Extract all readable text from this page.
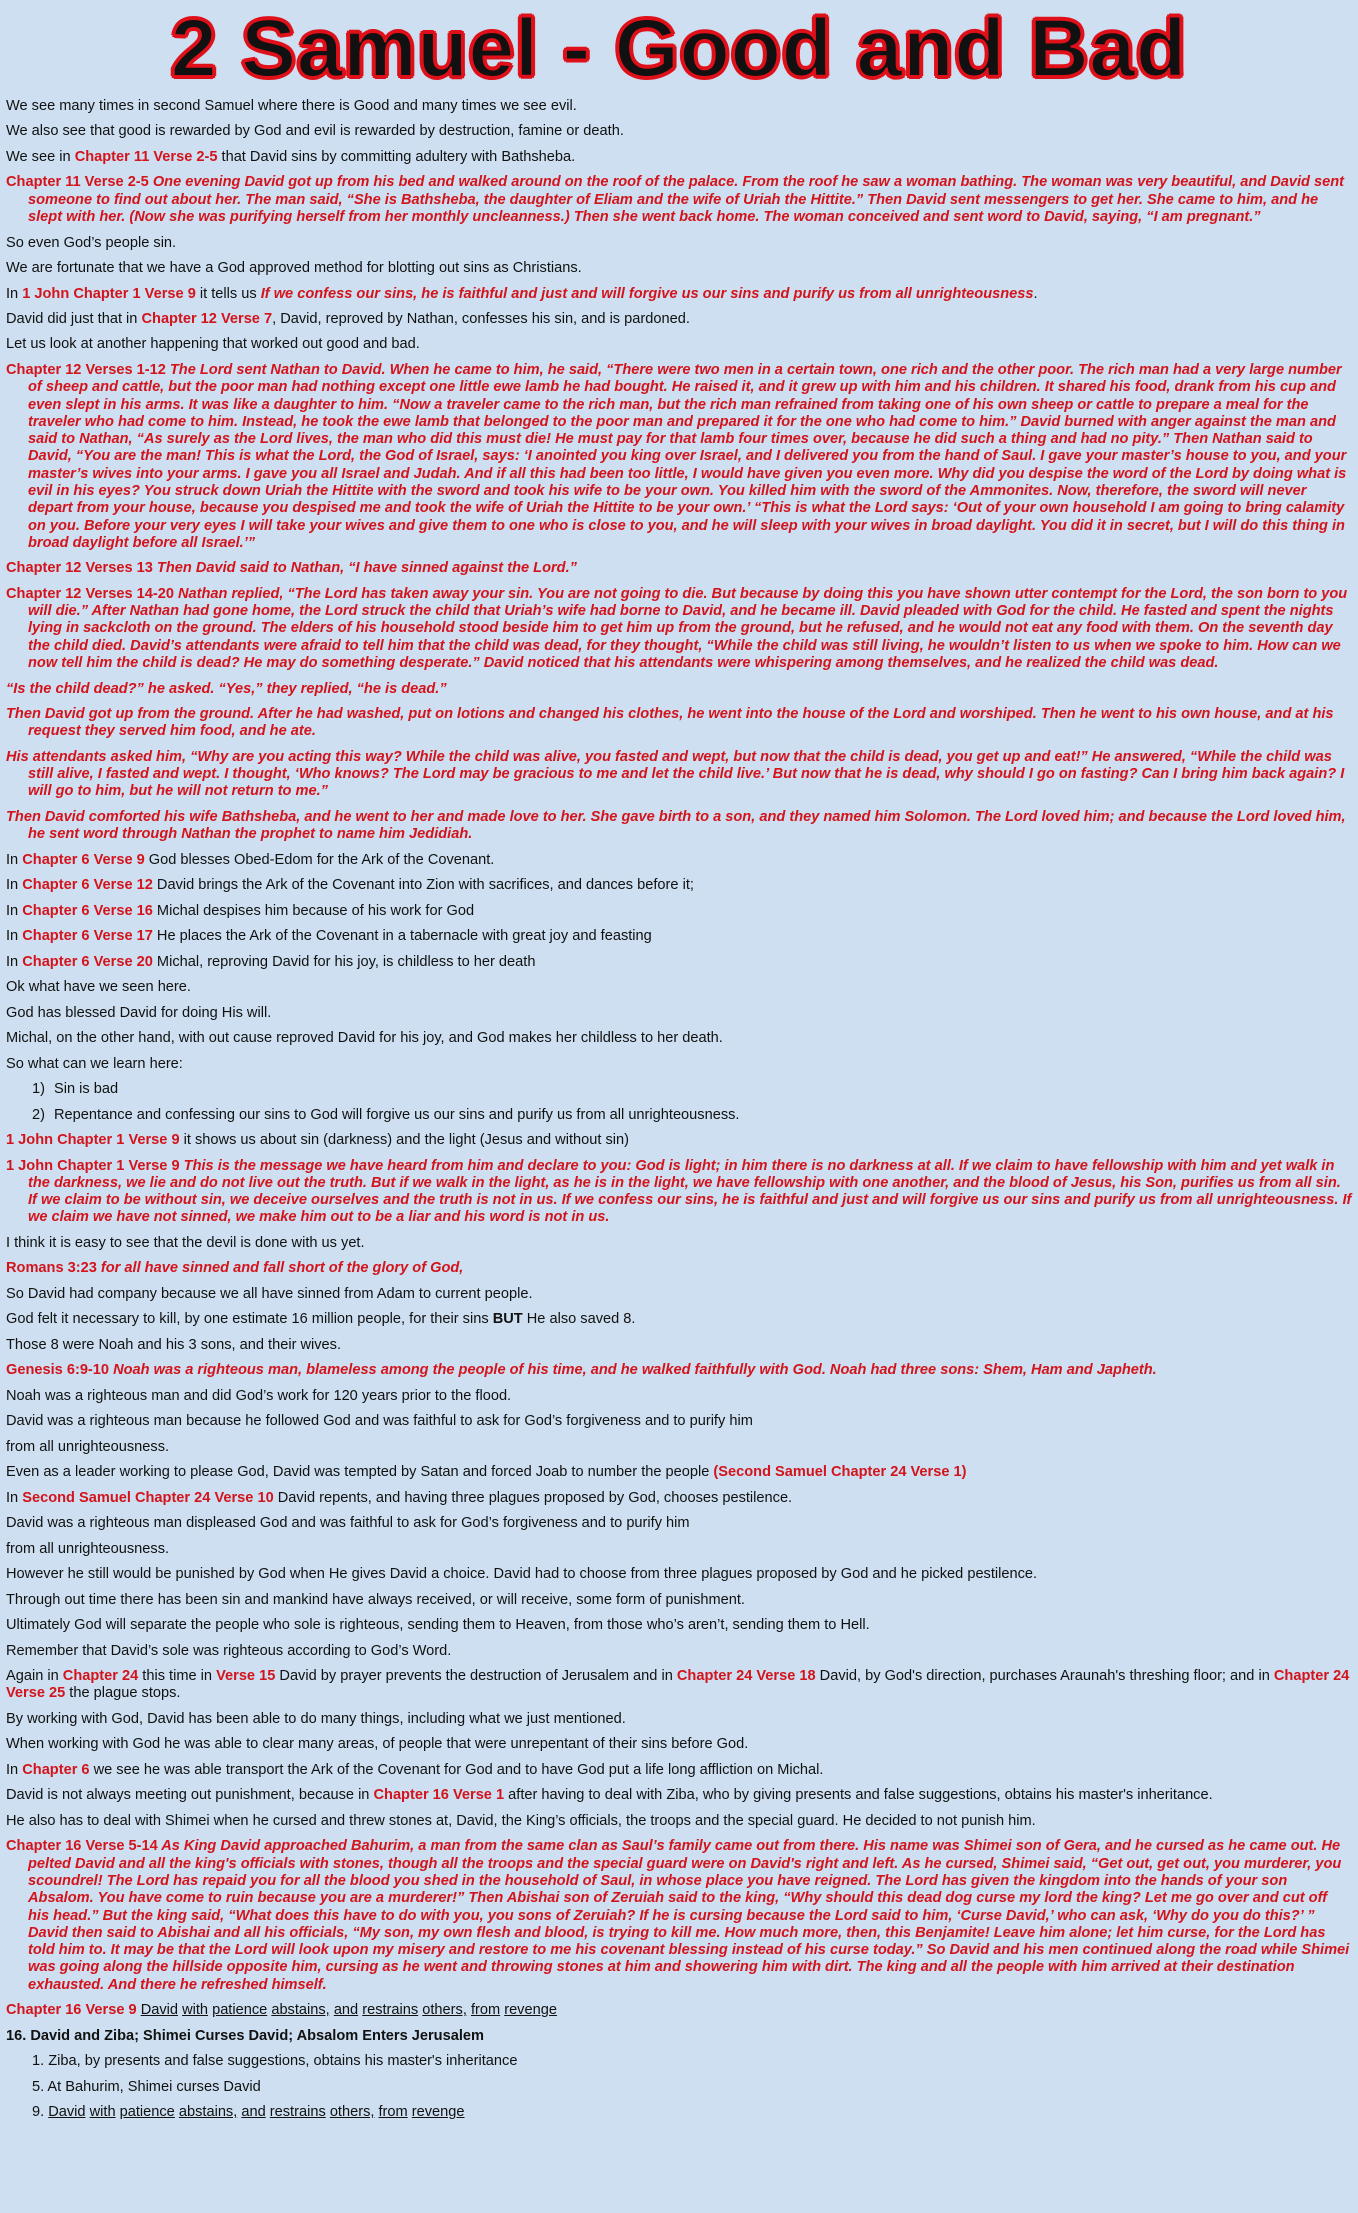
2 Samuel - Good and Bad
We see many times in second Samuel where there is Good and many times we see evil.
We also see that good is rewarded by God and evil is rewarded by destruction, famine or death.
We see in Chapter 11 Verse 2-5 that David sins by committing adultery with Bathsheba.
Chapter 11 Verse 2-5 One evening David got up from his bed and walked around on the roof of the palace. From the roof he saw a woman bathing. The woman was very beautiful, and David sent someone to find out about her. The man said, “She is Bathsheba, the daughter of Eliam and the wife of Uriah the Hittite.” Then David sent messengers to get her. She came to him, and he slept with her. (Now she was purifying herself from her monthly uncleanness.) Then she went back home. The woman conceived and sent word to David, saying, “I am pregnant.”
So even God’s people sin.
We are fortunate that we have a God approved method for blotting out sins as Christians.
In 1 John Chapter 1 Verse 9 it tells us If we confess our sins, he is faithful and just and will forgive us our sins and purify us from all unrighteousness.
David did just that in Chapter 12 Verse 7, David, reproved by Nathan, confesses his sin, and is pardoned.
Let us look at another happening that worked out good and bad.
Chapter 12 Verses 1-12 The Lord sent Nathan to David. When he came to him, he said, “There were two men in a certain town, one rich and the other poor. The rich man had a very large number of sheep and cattle, but the poor man had nothing except one little ewe lamb he had bought. He raised it, and it grew up with him and his children. It shared his food, drank from his cup and even slept in his arms. It was like a daughter to him. “Now a traveler came to the rich man, but the rich man refrained from taking one of his own sheep or cattle to prepare a meal for the traveler who had come to him. Instead, he took the ewe lamb that belonged to the poor man and prepared it for the one who had come to him.” David burned with anger against the man and said to Nathan, “As surely as the Lord lives, the man who did this must die! He must pay for that lamb four times over, because he did such a thing and had no pity.” Then Nathan said to David, “You are the man! This is what the Lord, the God of Israel, says: ‘I anointed you king over Israel, and I delivered you from the hand of Saul. I gave your master’s house to you, and your master’s wives into your arms. I gave you all Israel and Judah. And if all this had been too little, I would have given you even more. Why did you despise the word of the Lord by doing what is evil in his eyes? You struck down Uriah the Hittite with the sword and took his wife to be your own. You killed him with the sword of the Ammonites. Now, therefore, the sword will never depart from your house, because you despised me and took the wife of Uriah the Hittite to be your own.’ “This is what the Lord says: ‘Out of your own household I am going to bring calamity on you. Before your very eyes I will take your wives and give them to one who is close to you, and he will sleep with your wives in broad daylight. You did it in secret, but I will do this thing in broad daylight before all Israel.’”
Chapter 12 Verses 13 Then David said to Nathan, “I have sinned against the Lord.”
Chapter 12 Verses 14-20 Nathan replied, “The Lord has taken away your sin. You are not going to die. But because by doing this you have shown utter contempt for the Lord, the son born to you will die.” After Nathan had gone home, the Lord struck the child that Uriah’s wife had borne to David, and he became ill. David pleaded with God for the child. He fasted and spent the nights lying in sackcloth on the ground. The elders of his household stood beside him to get him up from the ground, but he refused, and he would not eat any food with them. On the seventh day the child died. David’s attendants were afraid to tell him that the child was dead, for they thought, “While the child was still living, he wouldn’t listen to us when we spoke to him. How can we now tell him the child is dead? He may do something desperate.” David noticed that his attendants were whispering among themselves, and he realized the child was dead.
“Is the child dead?” he asked. “Yes,” they replied, “he is dead.”
Then David got up from the ground. After he had washed, put on lotions and changed his clothes, he went into the house of the Lord and worshiped. Then he went to his own house, and at his request they served him food, and he ate.
His attendants asked him, “Why are you acting this way? While the child was alive, you fasted and wept, but now that the child is dead, you get up and eat!” He answered, “While the child was still alive, I fasted and wept. I thought, ‘Who knows? The Lord may be gracious to me and let the child live.’ But now that he is dead, why should I go on fasting? Can I bring him back again? I will go to him, but he will not return to me.”
Then David comforted his wife Bathsheba, and he went to her and made love to her. She gave birth to a son, and they named him Solomon. The Lord loved him; and because the Lord loved him, he sent word through Nathan the prophet to name him Jedidiah.
In Chapter 6 Verse 9 God blesses Obed-Edom for the Ark of the Covenant.
In Chapter 6 Verse 12 David brings the Ark of the Covenant into Zion with sacrifices, and dances before it;
In Chapter 6 Verse 16 Michal despises him because of his work for God
In Chapter 6 Verse 17 He places the Ark of the Covenant in a tabernacle with great joy and feasting
In Chapter 6 Verse 20 Michal, reproving David for his joy, is childless to her death
Ok what have we seen here.
God has blessed David for doing His will.
Michal, on the other hand, with out cause reproved David for his joy, and God makes her childless to her death.
So what can we learn here:
1) Sin is bad
2) Repentance and confessing our sins to God will forgive us our sins and purify us from all unrighteousness.
1 John Chapter 1 Verse 9 it shows us about sin (darkness) and the light (Jesus and without sin)
1 John Chapter 1 Verse 9 This is the message we have heard from him and declare to you: God is light; in him there is no darkness at all. If we claim to have fellowship with him and yet walk in the darkness, we lie and do not live out the truth. But if we walk in the light, as he is in the light, we have fellowship with one another, and the blood of Jesus, his Son, purifies us from all sin. If we claim to be without sin, we deceive ourselves and the truth is not in us. If we confess our sins, he is faithful and just and will forgive us our sins and purify us from all unrighteousness. If we claim we have not sinned, we make him out to be a liar and his word is not in us.
I think it is easy to see that the devil is done with us yet.
Romans 3:23 for all have sinned and fall short of the glory of God,
So David had company because we all have sinned from Adam to current people.
God felt it necessary to kill, by one estimate 16 million people, for their sins BUT He also saved 8.
Those 8 were Noah and his 3 sons, and their wives.
Genesis 6:9-10 Noah was a righteous man, blameless among the people of his time, and he walked faithfully with God. Noah had three sons: Shem, Ham and Japheth.
Noah was a righteous man and did God’s work for 120 years prior to the flood.
David was a righteous man because he followed God and was faithful to ask for God’s forgiveness and to purify him
from all unrighteousness.
Even as a leader working to please God, David was tempted by Satan and forced Joab to number the people (Second Samuel Chapter 24 Verse 1)
In Second Samuel Chapter 24 Verse 10 David repents, and having three plagues proposed by God, chooses pestilence.
David was a righteous man displeased God and was faithful to ask for God’s forgiveness and to purify him
from all unrighteousness.
However he still would be punished by God when He gives David a choice. David had to choose from three plagues proposed by God and he picked pestilence.
Through out time there has been sin and mankind have always received, or will receive, some form of punishment.
Ultimately God will separate the people who sole is righteous, sending them to Heaven, from those who’s aren’t, sending them to Hell.
Remember that David’s sole was righteous according to God’s Word.
Again in Chapter 24 this time in Verse 15 David by prayer prevents the destruction of Jerusalem and in Chapter 24 Verse 18 David, by God's direction, purchases Araunah's threshing floor; and in Chapter 24 Verse 25 the plague stops.
By working with God, David has been able to do many things, including what we just mentioned.
When working with God he was able to clear many areas, of people that were unrepentant of their sins before God.
In Chapter 6 we see he was able transport the Ark of the Covenant for God and to have God put a life long affliction on Michal.
David is not always meeting out punishment, because in Chapter 16 Verse 1 after having to deal with Ziba, who by giving presents and false suggestions, obtains his master's inheritance.
He also has to deal with Shimei when he cursed and threw stones at, David, the King’s officials, the troops and the special guard. He decided to not punish him.
Chapter 16 Verse 5-14 As King David approached Bahurim, a man from the same clan as Saul’s family came out from there. His name was Shimei son of Gera, and he cursed as he came out. He pelted David and all the king's officials with stones, though all the troops and the special guard were on David's right and left. As he cursed, Shimei said, “Get out, get out, you murderer, you scoundrel! The Lord has repaid you for all the blood you shed in the household of Saul, in whose place you have reigned. The Lord has given the kingdom into the hands of your son Absalom. You have come to ruin because you are a murderer!” Then Abishai son of Zeruiah said to the king, “Why should this dead dog curse my lord the king? Let me go over and cut off his head.” But the king said, “What does this have to do with you, you sons of Zeruiah? If he is cursing because the Lord said to him, ‘Curse David,’ who can ask, ‘Why do you do this?’ ” David then said to Abishai and all his officials, “My son, my own flesh and blood, is trying to kill me. How much more, then, this Benjamite! Leave him alone; let him curse, for the Lord has told him to. It may be that the Lord will look upon my misery and restore to me his covenant blessing instead of his curse today.” So David and his men continued along the road while Shimei was going along the hillside opposite him, cursing as he went and throwing stones at him and showering him with dirt. The king and all the people with him arrived at their destination exhausted. And there he refreshed himself.
Chapter 16 Verse 9 David with patience abstains, and restrains others, from revenge
16. David and Ziba; Shimei Curses David; Absalom Enters Jerusalem
1. Ziba, by presents and false suggestions, obtains his master's inheritance
5. At Bahurim, Shimei curses David
9. David with patience abstains, and restrains others, from revenge
